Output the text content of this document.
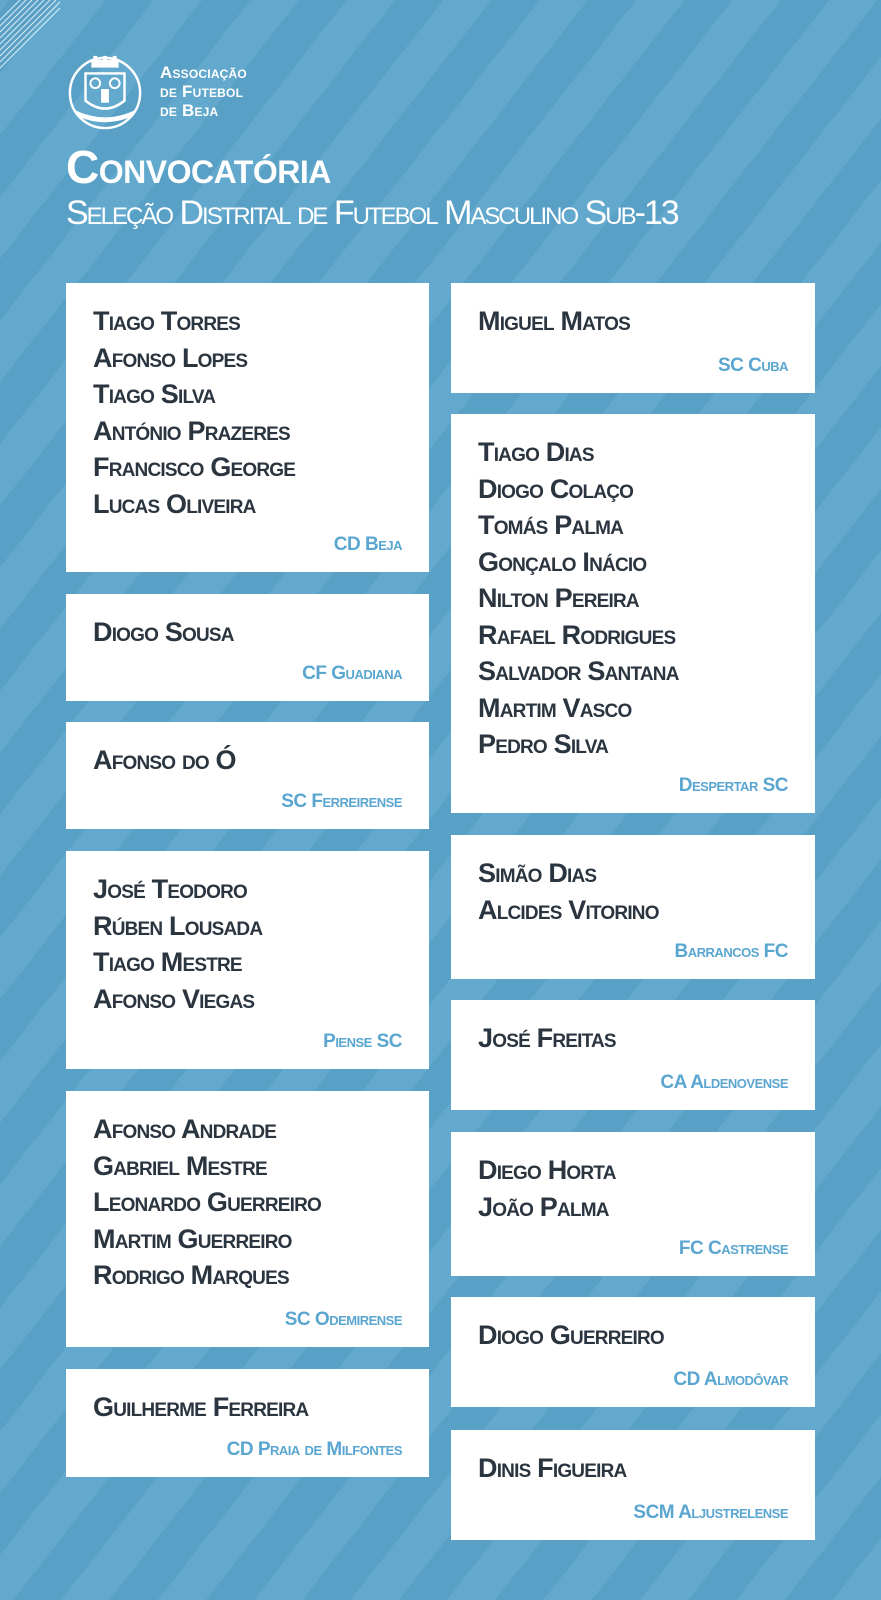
Associação
de Futebol
de Beja
Convocatória
Seleção Distrital de Futebol Masculino Sub-13
Tiago Torres
Afonso Lopes
Tiago Silva
António Prazeres
Francisco George
Lucas Oliveira
CD Beja
Diogo Sousa
CF Guadiana
Afonso do Ó
SC Ferreirense
José Teodoro
Rúben Lousada
Tiago Mestre
Afonso Viegas
Piense SC
Afonso Andrade
Gabriel Mestre
Leonardo Guerreiro
Martim Guerreiro
Rodrigo Marques
SC Odemirense
Guilherme Ferreira
CD Praia de Milfontes
Miguel Matos
SC Cuba
Tiago Dias
Diogo Colaço
Tomás Palma
Gonçalo Inácio
Nilton Pereira
Rafael Rodrigues
Salvador Santana
Martim Vasco
Pedro Silva
Despertar SC
Simão Dias
Alcides Vitorino
Barrancos FC
José Freitas
CA Aldenovense
Diego Horta
João Palma
FC Castrense
Diogo Guerreiro
CD Almodôvar
Dinis Figueira
SCM Aljustrelense
